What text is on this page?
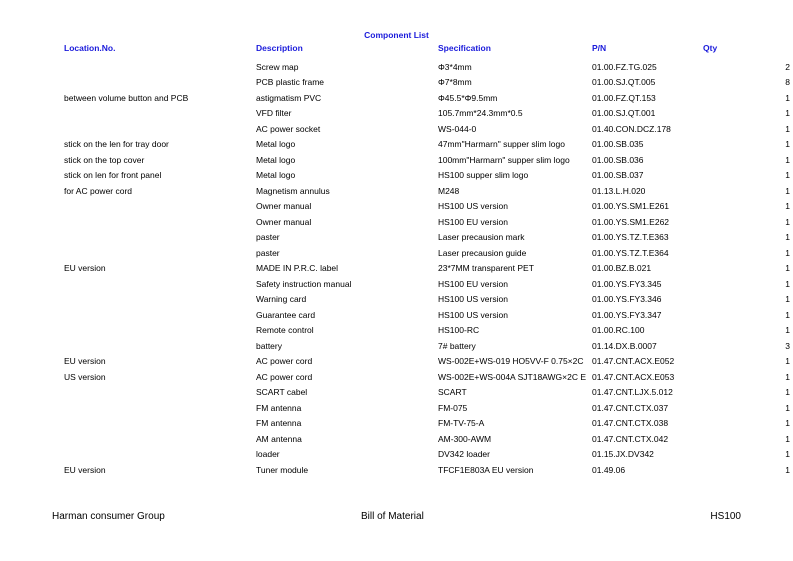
Component List
Location.No.	Description	Specification	P/N	Qty
	Screw map	Φ3*4mm	01.00.FZ.TG.025	2
	PCB plastic frame	Φ7*8mm	01.00.SJ.QT.005	8
between volume button and PCB	astigmatism PVC	Φ45.5*Φ9.5mm	01.00.FZ.QT.153	1
	VFD filter	105.7mm*24.3mm*0.5	01.00.SJ.QT.001	1
	AC power socket	WS-044-0	01.40.CON.DCZ.178	1
stick on the len for tray door	Metal logo	47mm"Harmarn" supper slim logo	01.00.SB.035	1
stick on the top cover	Metal logo	100mm"Harmarn" supper slim logo	01.00.SB.036	1
stick on len for front panel	Metal logo	HS100 supper slim logo	01.00.SB.037	1
for AC power cord	Magnetism annulus	M248	01.13.L.H.020	1
	Owner manual	HS100 US version	01.00.YS.SM1.E261	1
	Owner manual	HS100 EU version	01.00.YS.SM1.E262	1
	paster	Laser precausion mark	01.00.YS.TZ.T.E363	1
	paster	Laser precausion guide	01.00.YS.TZ.T.E364	1
EU version	MADE IN P.R.C. label	23*7MM transparent PET	01.00.BZ.B.021	1
	Safety instruction manual	HS100 EU version	01.00.YS.FY3.345	1
	Warning card	HS100 US version	01.00.YS.FY3.346	1
	Guarantee card	HS100 US version	01.00.YS.FY3.347	1
	Remote control	HS100-RC	01.00.RC.100	1
	battery	7# battery	01.14.DX.B.0007	3
EU version	AC power cord	WS-002E+WS-019 HO5VV-F 0.75×2C	01.47.CNT.ACX.E052	1
US version	AC power cord	WS-002E+WS-004A SJT18AWG×2C E	01.47.CNT.ACX.E053	1
	SCART cabel	SCART	01.47.CNT.LJX.5.012	1
	FM antenna	FM-075	01.47.CNT.CTX.037	1
	FM antenna	FM-TV-75-A	01.47.CNT.CTX.038	1
	AM antenna	AM-300-AWM	01.47.CNT.CTX.042	1
	loader	DV342 loader	01.15.JX.DV342	1
EU version	Tuner module	TFCF1E803A EU version	01.49.06	1
Harman consumer Group	Bill of Material	HS100
